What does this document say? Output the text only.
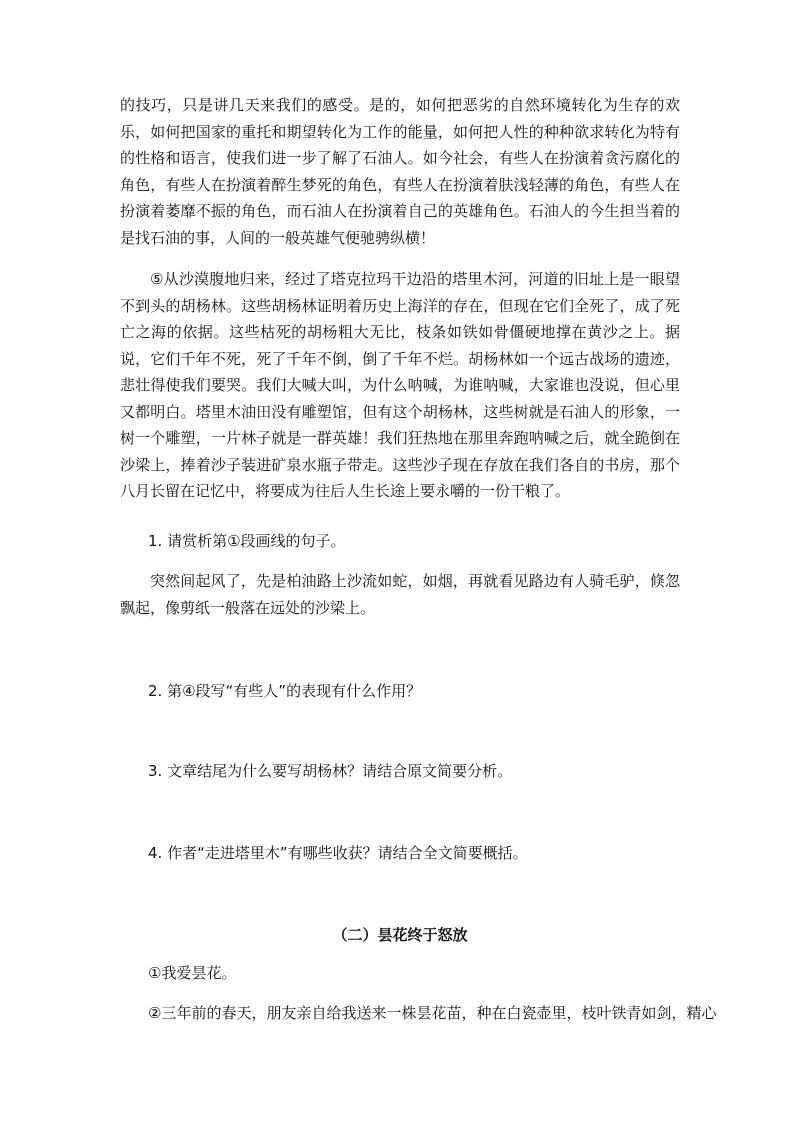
的技巧，只是讲几天来我们的感受。是的，如何把恶劣的自然环境转化为生存的欢乐，如何把国家的重托和期望转化为工作的能量，如何把人性的种种欲求转化为特有的性格和语言，使我们进一步了解了石油人。如今社会，有些人在扮演着贪污腐化的角色，有些人在扮演着醉生梦死的角色，有些人在扮演着肤浅轻薄的角色，有些人在扮演着萎靡不振的角色，而石油人在扮演着自己的英雄角色。石油人的今生担当着的是找石油的事，人间的一般英雄气便驰骋纵横！

⑤从沙漠腹地归来，经过了塔克拉玛干边沿的塔里木河，河道的旧址上是一眼望不到头的胡杨林。这些胡杨林证明着历史上海洋的存在，但现在它们全死了，成了死亡之海的依据。这些枯死的胡杨粗大无比，枝条如铁如骨僵硬地撑在黄沙之上。据说，它们千年不死，死了千年不倒，倒了千年不烂。胡杨林如一个远古战场的遗迹，悲壮得使我们要哭。我们大喊大叫，为什么呐喊，为谁呐喊，大家谁也没说，但心里又都明白。塔里木油田没有雕塑馆，但有这个胡杨林，这些树就是石油人的形象，一树一个雕塑，一片林子就是一群英雄！我们狂热地在那里奔跑呐喊之后，就全跪倒在沙梁上，捧着沙子装进矿泉水瓶子带走。这些沙子现在存放在我们各自的书房，那个八月长留在记忆中，将要成为往后人生长途上要永嚼的一份干粮了。

1. 请赏析第①段画线的句子。

突然间起风了，先是柏油路上沙流如蛇，如烟，再就看见路边有人骑毛驴，倏忽飘起，像剪纸一般落在远处的沙梁上。

2. 第④段写“有些人”的表现有什么作用？

3. 文章结尾为什么要写胡杨林？请结合原文简要分析。

4. 作者“走进塔里木”有哪些收获？请结合全文简要概括。

（二）昙花终于怒放

①我爱昙花。

②三年前的春天，朋友亲自给我送来一株昙花苗，种在白瓷壶里，枝叶铁青如剑，精心
